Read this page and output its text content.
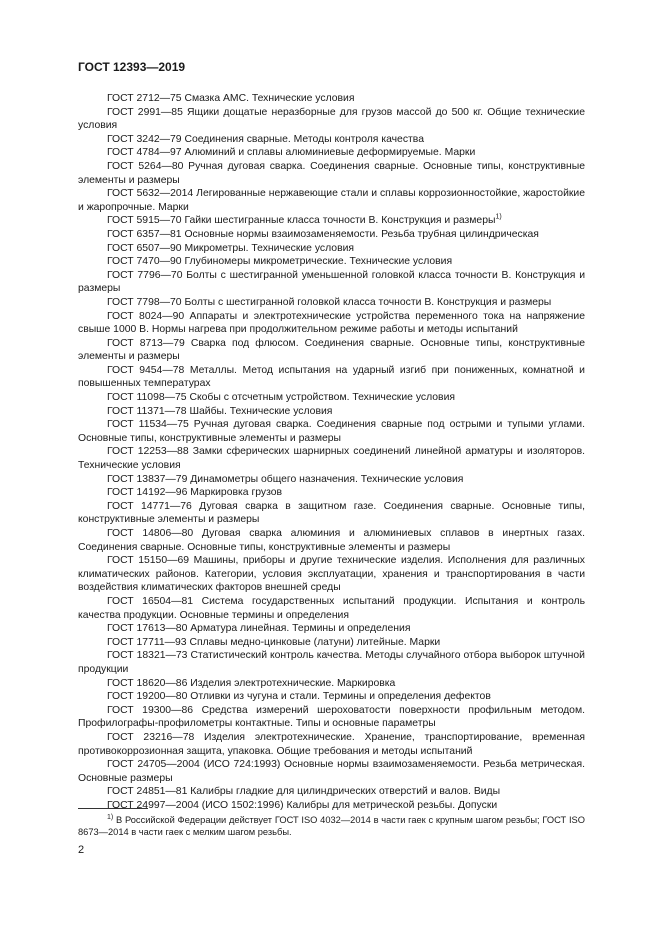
ГОСТ 12393—2019
ГОСТ 2712—75 Смазка АМС. Технические условия
ГОСТ 2991—85 Ящики дощатые неразборные для грузов массой до 500 кг. Общие технические условия
ГОСТ 3242—79 Соединения сварные. Методы контроля качества
ГОСТ 4784—97 Алюминий и сплавы алюминиевые деформируемые. Марки
ГОСТ 5264—80 Ручная дуговая сварка. Соединения сварные. Основные типы, конструктивные элементы и размеры
ГОСТ 5632—2014 Легированные нержавеющие стали и сплавы коррозионностойкие, жаростойкие и жаропрочные. Марки
ГОСТ 5915—70 Гайки шестигранные класса точности В. Конструкция и размеры$^{1)}$
ГОСТ 6357—81 Основные нормы взаимозаменяемости. Резьба трубная цилиндрическая
ГОСТ 6507—90 Микрометры. Технические условия
ГОСТ 7470—90 Глубиномеры микрометрические. Технические условия
ГОСТ 7796—70 Болты с шестигранной уменьшенной головкой класса точности В. Конструкция и размеры
ГОСТ 7798—70 Болты с шестигранной головкой класса точности В. Конструкция и размеры
ГОСТ 8024—90 Аппараты и электротехнические устройства переменного тока на напряжение свыше 1000 В. Нормы нагрева при продолжительном режиме работы и методы испытаний
ГОСТ 8713—79 Сварка под флюсом. Соединения сварные. Основные типы, конструктивные элементы и размеры
ГОСТ 9454—78 Металлы. Метод испытания на ударный изгиб при пониженных, комнатной и повышенных температурах
ГОСТ 11098—75 Скобы с отсчетным устройством. Технические условия
ГОСТ 11371—78 Шайбы. Технические условия
ГОСТ 11534—75 Ручная дуговая сварка. Соединения сварные под острыми и тупыми углами. Основные типы, конструктивные элементы и размеры
ГОСТ 12253—88 Замки сферических шарнирных соединений линейной арматуры и изоляторов. Технические условия
ГОСТ 13837—79 Динамометры общего назначения. Технические условия
ГОСТ 14192—96 Маркировка грузов
ГОСТ 14771—76 Дуговая сварка в защитном газе. Соединения сварные. Основные типы, конструктивные элементы и размеры
ГОСТ 14806—80 Дуговая сварка алюминия и алюминиевых сплавов в инертных газах. Соединения сварные. Основные типы, конструктивные элементы и размеры
ГОСТ 15150—69 Машины, приборы и другие технические изделия. Исполнения для различных климатических районов. Категории, условия эксплуатации, хранения и транспортирования в части воздействия климатических факторов внешней среды
ГОСТ 16504—81 Система государственных испытаний продукции. Испытания и контроль качества продукции. Основные термины и определения
ГОСТ 17613—80 Арматура линейная. Термины и определения
ГОСТ 17711—93 Сплавы медно-цинковые (латуни) литейные. Марки
ГОСТ 18321—73 Статистический контроль качества. Методы случайного отбора выборок штучной продукции
ГОСТ 18620—86 Изделия электротехнические. Маркировка
ГОСТ 19200—80 Отливки из чугуна и стали. Термины и определения дефектов
ГОСТ 19300—86 Средства измерений шероховатости поверхности профильным методом. Профилографы-профилометры контактные. Типы и основные параметры
ГОСТ 23216—78 Изделия электротехнические. Хранение, транспортирование, временная противокоррозионная защита, упаковка. Общие требования и методы испытаний
ГОСТ 24705—2004 (ИСО 724:1993) Основные нормы взаимозаменяемости. Резьба метрическая. Основные размеры
ГОСТ 24851—81 Калибры гладкие для цилиндрических отверстий и валов. Виды
ГОСТ 24997—2004 (ИСО 1502:1996) Калибры для метрической резьбы. Допуски
$^{1)}$ В Российской Федерации действует ГОСТ ISO 4032—2014 в части гаек с крупным шагом резьбы; ГОСТ ISO 8673—2014 в части гаек с мелким шагом резьбы.
2
